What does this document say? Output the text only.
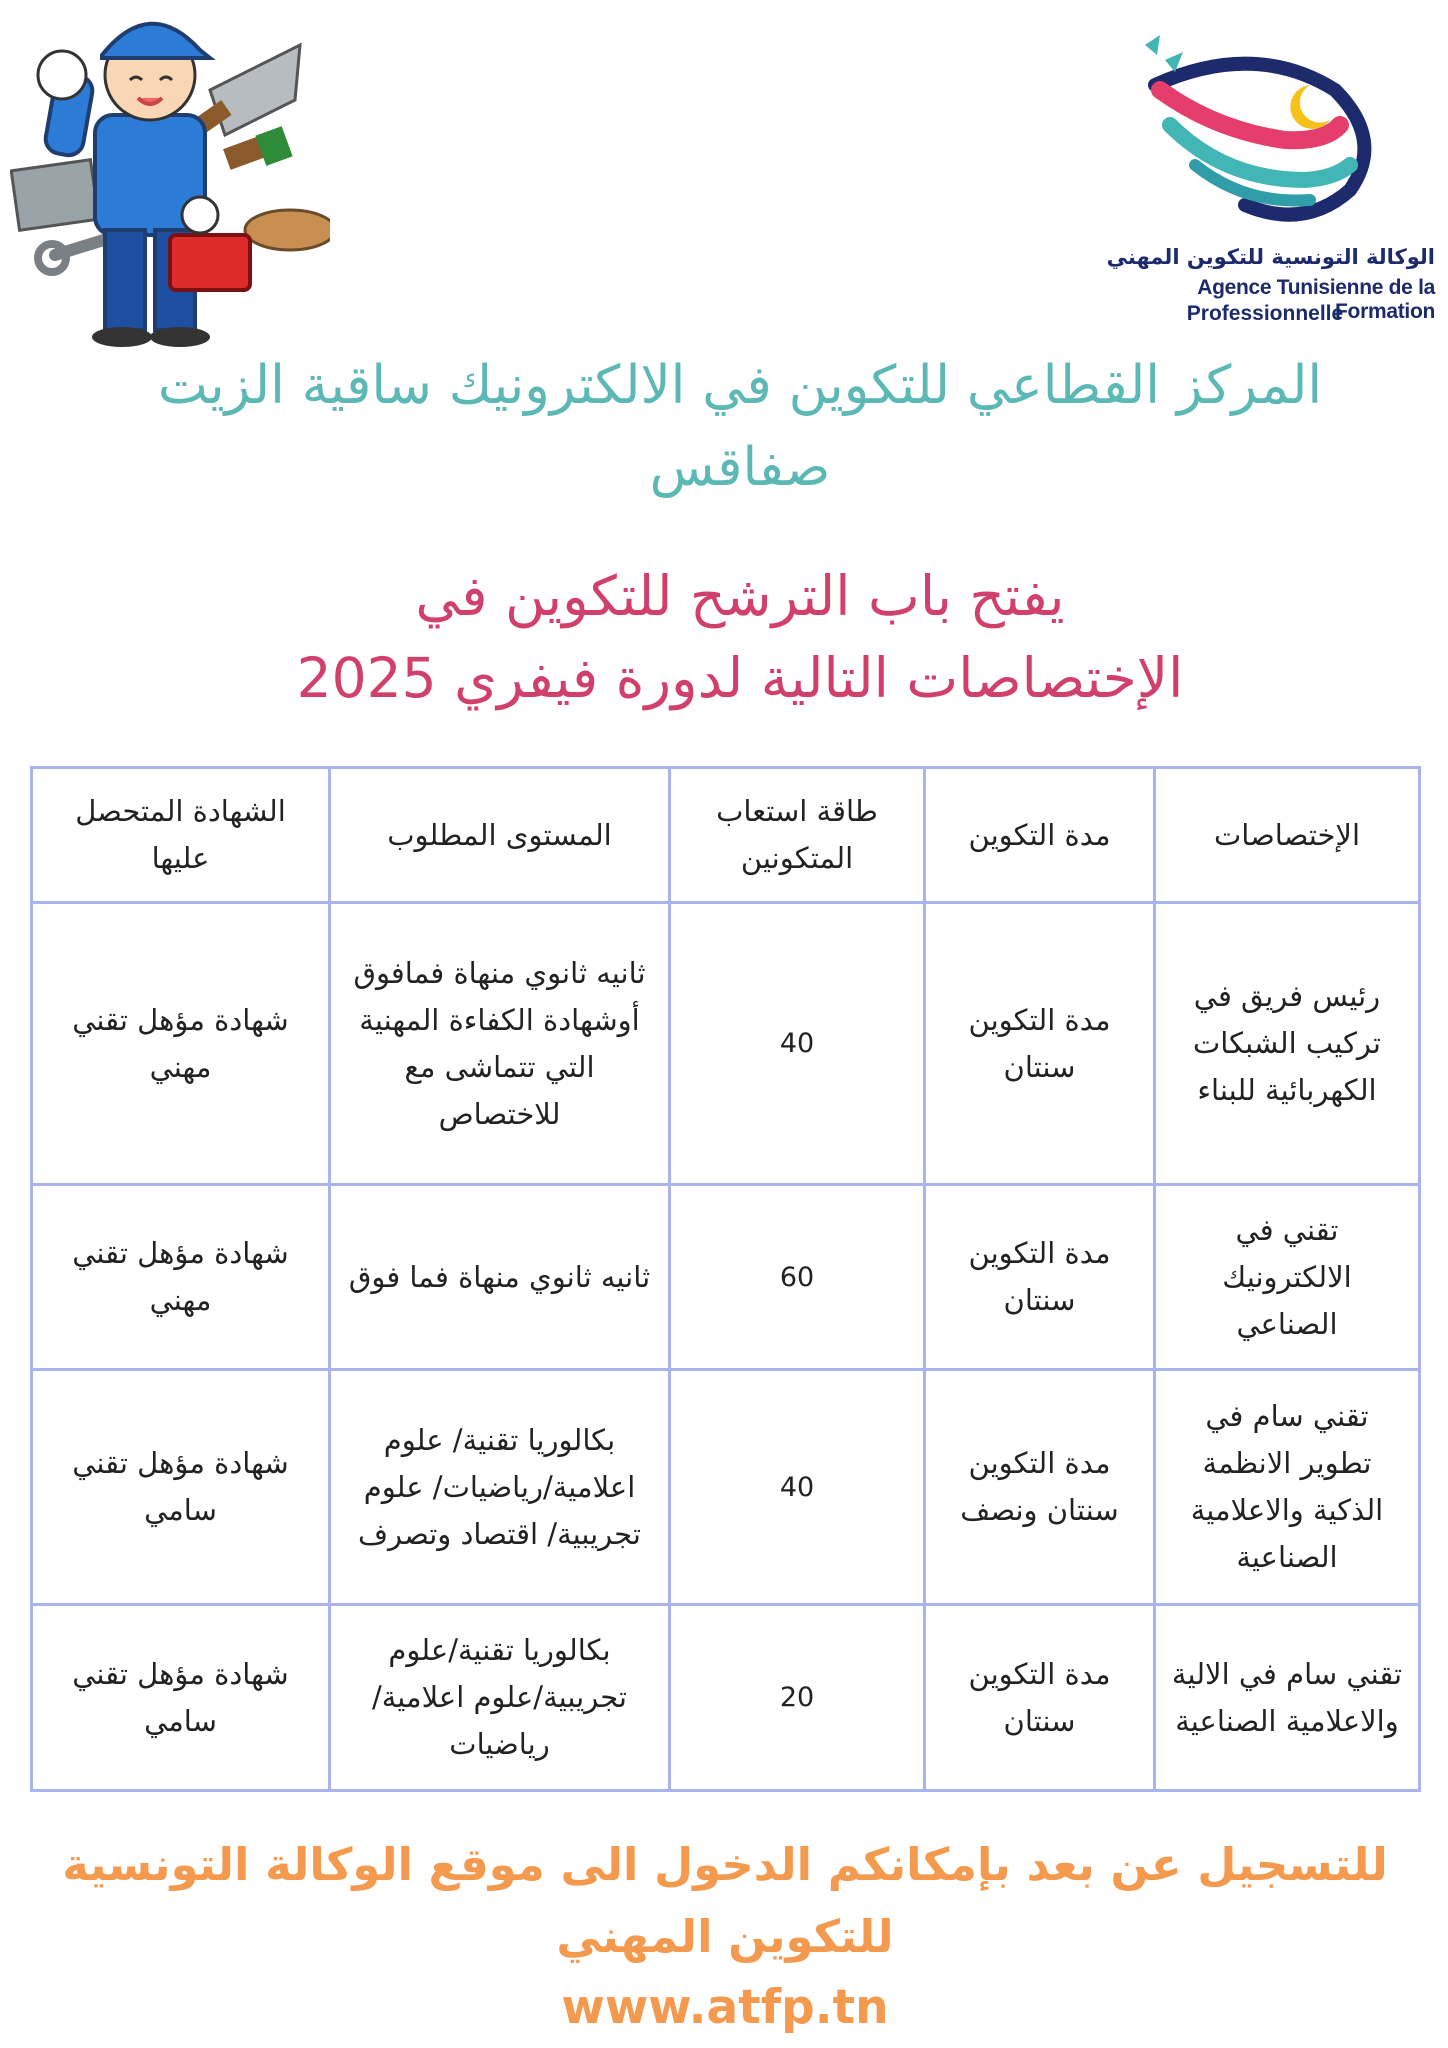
الوكالة التونسية للتكوين المهني
Agence Tunisienne de la Formation
Professionnelle
المركز القطاعي للتكوين في الالكترونيك ساقية الزيت صفاقس
يفتح باب الترشح للتكوين في
الإختصاصات التالية لدورة فيفري 2025
الإختصاصات	مدة التكوين	طاقة استعاب المتكونين	المستوى المطلوب	الشهادة المتحصل عليها
رئيس فريق في تركيب الشبكات الكهربائية للبناء	مدة التكوين سنتان	40	ثانيه ثانوي منهاة فمافوق أوشهادة الكفاءة المهنية التي تتماشى مع للاختصاص	شهادة مؤهل تقني مهني
تقني في الالكترونيك الصناعي	مدة التكوين سنتان	60	ثانيه ثانوي منهاة فما فوق	شهادة مؤهل تقني مهني
تقني سام في تطوير الانظمة الذكية والاعلامية الصناعية	مدة التكوين سنتان ونصف	40	بكالوريا تقنية/ علوم اعلامية/رياضيات/ علوم تجريبية/ اقتصاد وتصرف	شهادة مؤهل تقني سامي
تقني سام في الالية والاعلامية الصناعية	مدة التكوين سنتان	20	بكالوريا تقنية/علوم تجريبية/علوم اعلامية/ رياضيات	شهادة مؤهل تقني سامي
للتسجيل عن بعد بإمكانكم الدخول الى موقع الوكالة التونسية
للتكوين المهني
www.atfp.tn
